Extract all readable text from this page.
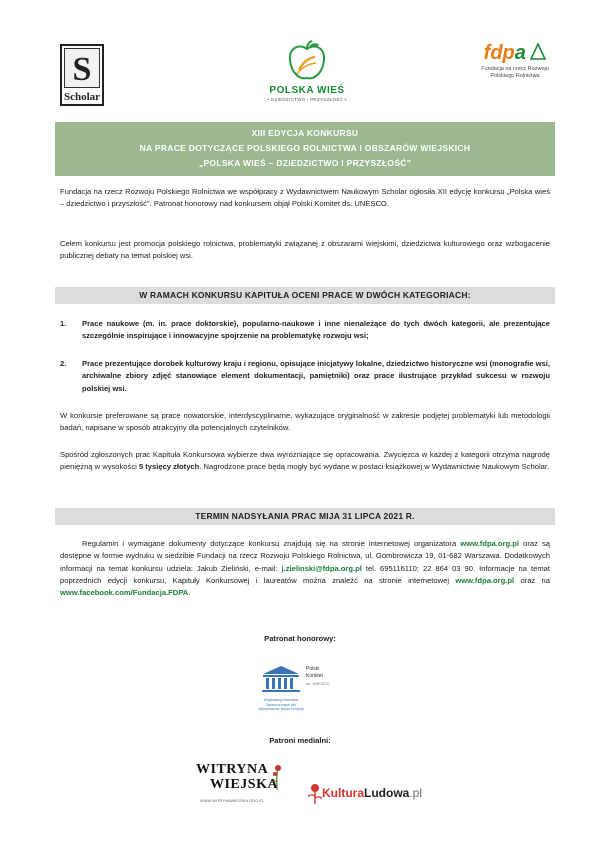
S
Scholar
POLSKA WIEŚ
• DZIEDZICTWO I PRZYSZŁOŚĆ •
fdpa
Fundacja na rzecz Rozwoju
Polskiego Rolnictwa
XIII EDYCJA KONKURSU
NA PRACE DOTYCZĄCE POLSKIEGO ROLNICTWA I OBSZARÓW WIEJSKICH
„POLSKA WIEŚ – DZIEDZICTWO I PRZYSZŁOŚĆ"

Fundacja na rzecz Rozwoju Polskiego Rolnictwa we współpracy z Wydawnictwem Naukowym Scholar ogłosiła XII edycję konkursu „Polska wieś – dziedzictwo i przyszłość". Patronat honorowy nad konkursem objął Polski Komitet ds. UNESCO.

Celem konkursu jest promocja polskiego rolnictwa, problematyki związanej z obszarami wiejskimi, dziedzictwa kulturowego oraz wzbogacenie publicznej debaty na temat polskiej wsi.

W RAMACH KONKURSU KAPITUŁA OCENI PRACE W DWÓCH KATEGORIACH:
1. Prace naukowe (m. in. prace doktorskie), popularno-naukowe i inne nienależące do tych dwóch kategorii, ale prezentujące szczególnie inspirujące i innowacyjne spojrzenie na problematykę rozwoju wsi;
2. Prace prezentujące dorobek kulturowy kraju i regionu, opisujące inicjatywy lokalne, dziedzictwo historyczne wsi (monografie wsi, archiwalne zbiory zdjęć stanowiące element dokumentacji, pamiętniki) oraz prace ilustrujące przykład sukcesu w rozwoju polskiej wsi.

W konkursie preferowane są prace nowatorskie, interdyscyplinarne, wykazujące oryginalność w zakresie podjętej problematyki lub metodologii badań, napisane w sposób atrakcyjny dla potencjalnych czytelników.

Spośród zgłoszonych prac Kapituła Konkursowa wybierze dwa wyróżniające się opracowania. Zwycięzca w każdej z kategorii otrzyma nagrodę pieniężną w wysokości 5 tysięcy złotych. Nagrodzone prace będą mogły być wydane w postaci książkowej w Wydawnictwie Naukowym Scholar.

TERMIN NADSYŁANIA PRAC MIJA 31 LIPCA 2021 R.

Regulamin i wymagane dokumenty dotyczące konkursu znajdują się na stronie internetowej organizatora www.fdpa.org.pl oraz są dostępne w formie wydruku w siedzibie Fundacji na rzecz Rozwoju Polskiego Rolnictwa, ul. Gombrowicza 19, 01-682 Warszawa. Dodatkowych informacji na temat konkursu udziela: Jakub Zieliński, e-mail: j.zielinski@fdpa.org.pl tel. 695116110; 22 864 03 90. Informacje na temat poprzednich edycji konkursu, Kapituły Konkursowej i laureatów można znaleźć na stronie internetowej www.fdpa.org.pl oraz na www.facebook.com/Fundacja.FDPA.

Patronat honorowy:
Polski
Komitet
ds. UNESCO
Organizacja Narodów Zjednoczonych dla Wychowania, Nauki i Kultury
Patroni medialni:
WITRYNA
WIEJSKA
WWW.WITRYNAWIEJSKA.ORG.PL
KulturaLudowa.pl
